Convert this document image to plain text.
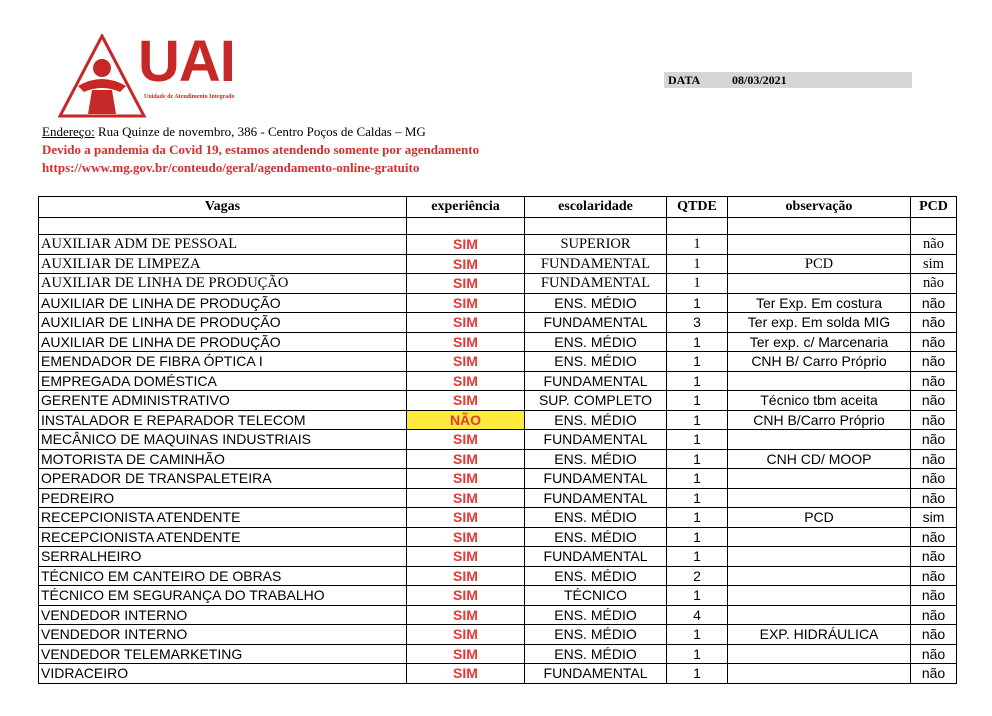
UAI
Unidade de Atendimento Integrado
DATA	08/03/2021
Endereço: Rua Quinze de novembro, 386 - Centro Poços de Caldas – MG
Devido a pandemia da Covid 19, estamos atendendo somente por agendamento
https://www.mg.gov.br/conteudo/geral/agendamento-online-gratuito
Vagas	experiência	escolaridade	QTDE	observação	PCD

AUXILIAR ADM DE PESSOAL	SIM	SUPERIOR	1		não
AUXILIAR DE LIMPEZA	SIM	FUNDAMENTAL	1	PCD	sim
AUXILIAR DE LINHA DE PRODUÇÃO	SIM	FUNDAMENTAL	1		não
AUXILIAR DE LINHA DE PRODUÇÃO	SIM	ENS. MÉDIO	1	Ter Exp. Em costura	não
AUXILIAR DE LINHA DE PRODUÇÃO	SIM	FUNDAMENTAL	3	Ter exp. Em solda MIG	não
AUXILIAR DE LINHA DE PRODUÇÃO	SIM	ENS. MÉDIO	1	Ter exp. c/ Marcenaria	não
EMENDADOR DE FIBRA ÓPTICA I	SIM	ENS. MÉDIO	1	CNH B/ Carro Próprio	não
EMPREGADA DOMÉSTICA	SIM	FUNDAMENTAL	1		não
GERENTE ADMINISTRATIVO	SIM	SUP. COMPLETO	1	Técnico tbm aceita	não
INSTALADOR E REPARADOR TELECOM	NÃO	ENS. MÉDIO	1	CNH B/Carro Próprio	não
MECÂNICO DE MAQUINAS INDUSTRIAIS	SIM	FUNDAMENTAL	1		não
MOTORISTA DE CAMINHÃO	SIM	ENS. MÉDIO	1	CNH CD/ MOOP	não
OPERADOR DE TRANSPALETEIRA	SIM	FUNDAMENTAL	1		não
PEDREIRO	SIM	FUNDAMENTAL	1		não
RECEPCIONISTA ATENDENTE	SIM	ENS. MÉDIO	1	PCD	sim
RECEPCIONISTA ATENDENTE	SIM	ENS. MÉDIO	1		não
SERRALHEIRO	SIM	FUNDAMENTAL	1		não
TÉCNICO EM CANTEIRO DE OBRAS	SIM	ENS. MÉDIO	2		não
TÉCNICO EM SEGURANÇA DO TRABALHO	SIM	TÉCNICO	1		não
VENDEDOR INTERNO	SIM	ENS. MÉDIO	4		não
VENDEDOR INTERNO	SIM	ENS. MÉDIO	1	EXP. HIDRÁULICA	não
VENDEDOR TELEMARKETING	SIM	ENS. MÉDIO	1		não
VIDRACEIRO	SIM	FUNDAMENTAL	1		não
